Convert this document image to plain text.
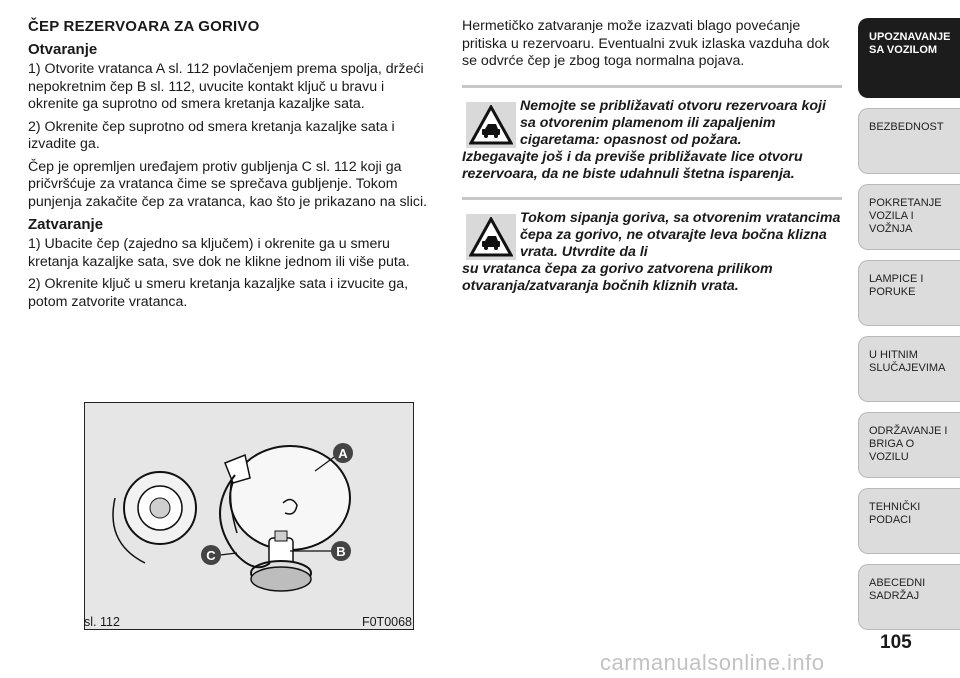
ČEP REZERVOARA ZA GORIVO
Otvaranje

1) Otvorite vratanca A sl. 112 povlačenjem prema spolja, držeći nepokretnim čep B sl. 112, uvucite kontakt ključ u bravu i okrenite ga suprotno od smera kretanja kazaljke sata.

2) Okrenite čep suprotno od smera kretanja kazaljke sata i izvadite ga.

Čep je opremljen uređajem protiv gubljenja C sl. 112 koji ga pričvršćuje za vratanca čime se sprečava gubljenje. Tokom punjenja zakačite čep za vratanca, kao što je prikazano na slici.

Zatvaranje

1) Ubacite čep (zajedno sa ključem) i okrenite ga u smeru kretanja kazaljke sata, sve dok ne klikne jednom ili više puta.

2) Okrenite ključ u smeru kretanja kazaljke sata i izvucite ga, potom zatvorite vratanca.

A
B
C
sl. 112	F0T0068

Hermetičko zatvaranje može izazvati blago povećanje pritiska u rezervoaru. Eventualni zvuk izlaska vazduha dok se odvrće čep je zbog toga normalna pojava.

Nemojte se približavati otvoru rezervoara koji sa otvorenim plamenom ili zapaljenim cigaretama: opasnost od požara.

Izbegavajte još i da previše približavate lice otvoru rezervoara, da ne biste udahnuli štetna isparenja.

Tokom sipanja goriva, sa otvorenim vratancima čepa za gorivo, ne otvarajte leva bočna klizna vrata. Utvrdite da li

su vratanca čepa za gorivo zatvorena prilikom otvaranja/zatvaranja bočnih kliznih vrata.

UPOZNAVANJE SA VOZILOM
BEZBEDNOST
POKRETANJE VOZILA I VOŽNJA
LAMPICE I PORUKE
U HITNIM SLUČAJEVIMA
ODRŽAVANJE I BRIGA O VOZILU
TEHNIČKI PODACI
ABECEDNI SADRŽAJ
105
carmanualsonline.info
